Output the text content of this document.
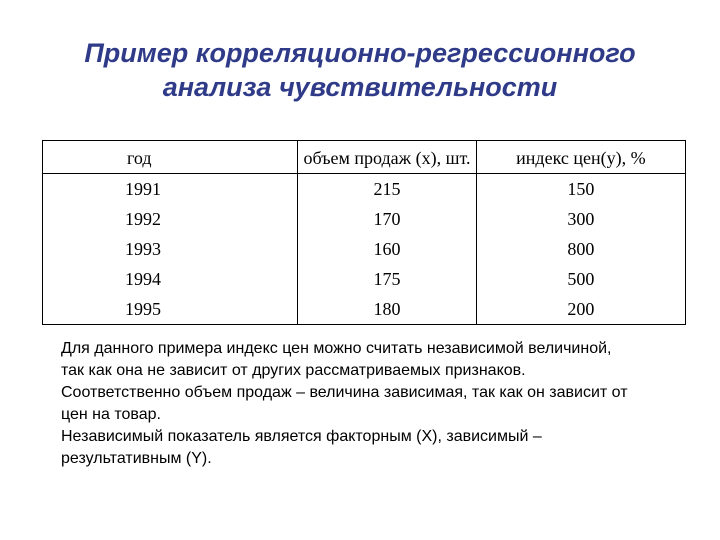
Пример корреляционно-регрессионного
анализа чувствительности
год	объем продаж (x), шт.	индекс цен(y), %
1991	215	150
1992	170	300
1993	160	800
1994	175	500
1995	180	200

Для данного примера индекс цен можно считать независимой величиной, так как она не зависит от других рассматриваемых признаков.

Соответственно объем продаж – величина зависимая, так как он зависит от цен на товар.

Независимый показатель является факторным (X), зависимый – результативным (Y).
